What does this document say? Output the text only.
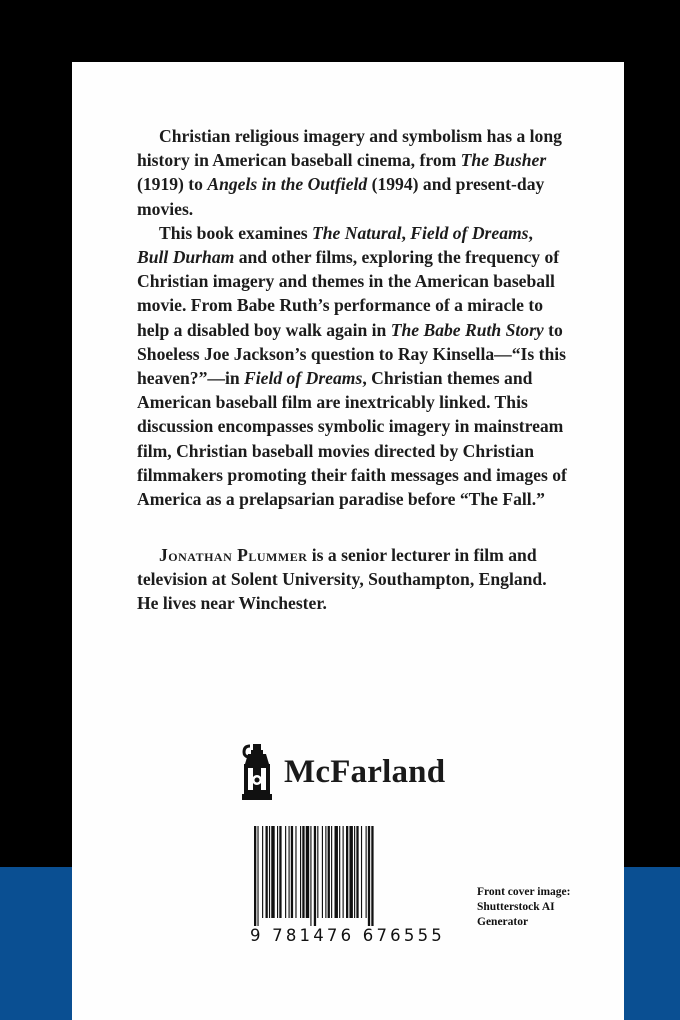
Christian religious imagery and symbolism has a long history in American baseball cinema, from The Busher (1919) to Angels in the Outfield (1994) and present-day movies.

This book examines The Natural, Field of Dreams, Bull Durham and other films, exploring the frequency of Christian imagery and themes in the American baseball movie. From Babe Ruth’s performance of a miracle to help a disabled boy walk again in The Babe Ruth Story to Shoeless Joe Jackson’s question to Ray Kinsella—“Is this heaven?”—in Field of Dreams, Christian themes and American baseball film are inextricably linked. This discussion encompasses symbolic imagery in mainstream film, Christian baseball movies directed by Christian filmmakers promoting their faith messages and images of America as a prelapsarian paradise before “The Fall.”

Jonathan Plummer is a senior lecturer in film and television at Solent University, Southampton, England. He lives near Winchester.

McFarland
9 781476 676555
Front cover image:
Shutterstock AI
Generator
